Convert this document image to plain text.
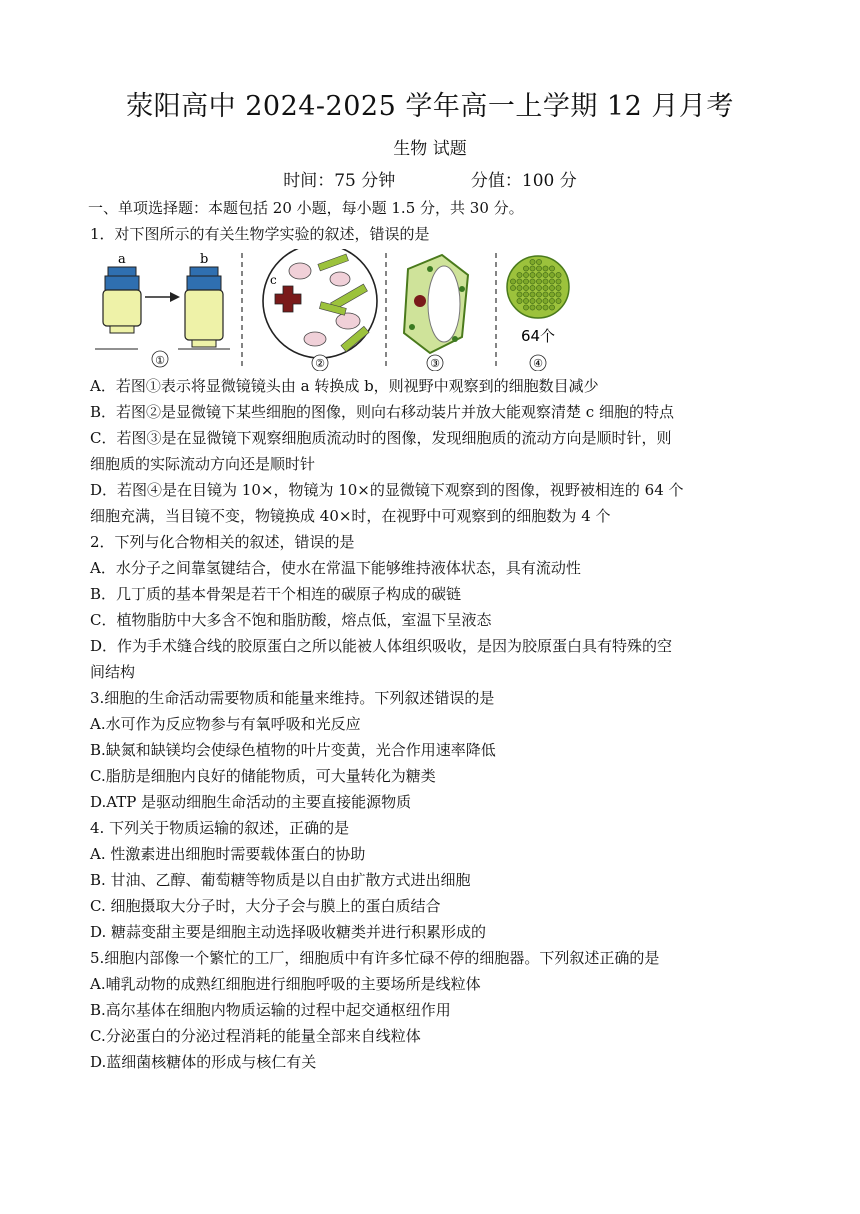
荥阳高中 2024-2025 学年高一上学期 12 月月考
生物 试题
时间：75 分钟	分值：100 分
一、单项选择题：本题包括 20 小题，每小题 1.5 分，共 30 分。
1．对下图所示的有关生物学实验的叙述，错误的是
a	b
①
c
②	③
64个
④
A．若图①表示将显微镜镜头由 a 转换成 b，则视野中观察到的细胞数目减少
B．若图②是显微镜下某些细胞的图像，则向右移动装片并放大能观察清楚 c 细胞的特点
C．若图③是在显微镜下观察细胞质流动时的图像，发现细胞质的流动方向是顺时针，则
细胞质的实际流动方向还是顺时针
D．若图④是在目镜为 10×，物镜为 10×的显微镜下观察到的图像，视野被相连的 64 个
细胞充满，当目镜不变，物镜换成 40×时，在视野中可观察到的细胞数为 4 个
2．下列与化合物相关的叙述，错误的是
A．水分子之间靠氢键结合，使水在常温下能够维持液体状态，具有流动性
B．几丁质的基本骨架是若干个相连的碳原子构成的碳链
C．植物脂肪中大多含不饱和脂肪酸，熔点低，室温下呈液态
D．作为手术缝合线的胶原蛋白之所以能被人体组织吸收，是因为胶原蛋白具有特殊的空
间结构
3.细胞的生命活动需要物质和能量来维持。下列叙述错误的是
A.水可作为反应物参与有氧呼吸和光反应
B.缺氮和缺镁均会使绿色植物的叶片变黄，光合作用速率降低
C.脂肪是细胞内良好的储能物质，可大量转化为糖类
D.ATP 是驱动细胞生命活动的主要直接能源物质
4. 下列关于物质运输的叙述，正确的是
A. 性激素进出细胞时需要载体蛋白的协助
B. 甘油、乙醇、葡萄糖等物质是以自由扩散方式进出细胞
C. 细胞摄取大分子时，大分子会与膜上的蛋白质结合
D. 糖蒜变甜主要是细胞主动选择吸收糖类并进行积累形成的
5.细胞内部像一个繁忙的工厂，细胞质中有许多忙碌不停的细胞器。下列叙述正确的是
A.哺乳动物的成熟红细胞进行细胞呼吸的主要场所是线粒体
B.高尔基体在细胞内物质运输的过程中起交通枢纽作用
C.分泌蛋白的分泌过程消耗的能量全部来自线粒体
D.蓝细菌核糖体的形成与核仁有关
